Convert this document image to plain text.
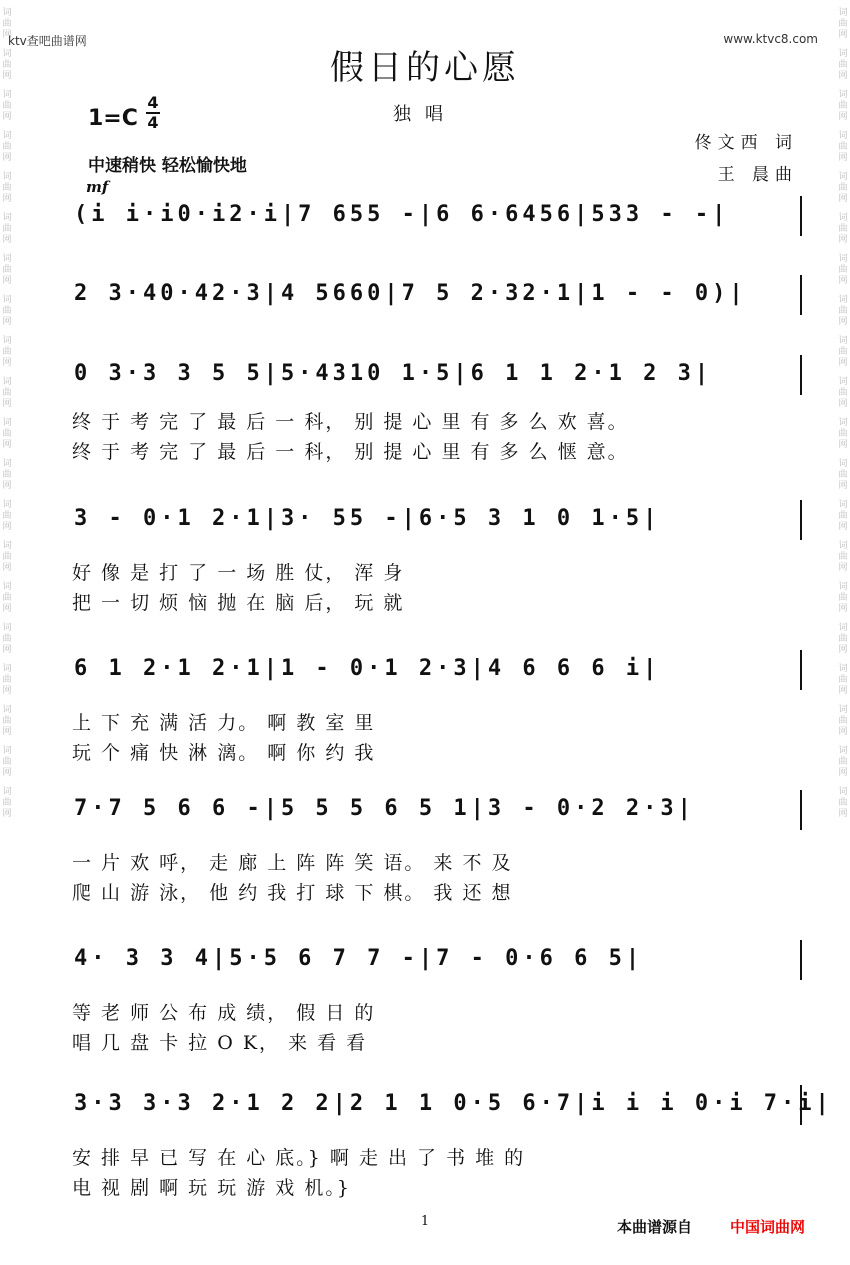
词
曲
网
词
曲
网
词
曲
网
词
曲
网
词
曲
网
词
曲
网
词
曲
网
词
曲
网
词
曲
网
词
曲
网
词
曲
网
词
曲
网
词
曲
网
词
曲
网
词
曲
网
词
曲
网
词
曲
网
词
曲
网
词
曲
网
词
曲
网
词
曲
网
词
曲
网
词
曲
网
词
曲
网
词
曲
网
词
曲
网
词
曲
网
词
曲
网
词
曲
网
词
曲
网
词
曲
网
词
曲
网
词
曲
网
词
曲
网
词
曲
网
词
曲
网
词
曲
网
词
曲
网
词
曲
网
词
曲
网
ktv查吧曲谱网	www.ktvc8.com
假日的心愿
独唱
1=C
4
4
中速稍快 轻松愉快地
mf
佟文西 词
王 晨曲
(i i·i0·i2·i|7 655 -|6 6·6456|533 - -|
2 3·40·42·3|4 5660|7 5 2·32·1|1 - - 0)|
0 3·3 3 5 5|5·4310 1·5|6 1 1 2·1 2 3|
终 于 考 完 了 最 后 一 科， 别 提 心 里 有 多 么 欢 喜。
终 于 考 完 了 最 后 一 科， 别 提 心 里 有 多 么 惬 意。
3 - 0·1 2·1|3· 55 -|6·5 3 1 0 1·5|
好 像 是 打 了 一 场 胜 仗， 浑 身
把 一 切 烦 恼 抛 在 脑 后， 玩 就
6 1 2·1 2·1|1 - 0·1 2·3|4 6 6 6 i|
上 下 充 满 活 力。 啊 教 室 里
玩 个 痛 快 淋 漓。 啊 你 约 我
7·7 5 6 6 -|5 5 5 6 5 1|3 - 0·2 2·3|
一 片 欢 呼， 走 廊 上 阵 阵 笑 语。 来 不 及
爬 山 游 泳， 他 约 我 打 球 下 棋。 我 还 想
4· 3 3 4|5·5 6 7 7 -|7 - 0·6 6 5|
等 老 师 公 布 成 绩， 假 日 的
唱 几 盘 卡 拉 O K， 来 看 看
3·3 3·3 2·1 2 2|2 1 1 0·5 6·7|i i i 0·i 7·i|
安 排 早 已 写 在 心 底。} 啊 走 出 了 书 堆 的
电 视 剧 啊 玩 玩 游 戏 机。}
1	本曲谱源自	中国词曲网
